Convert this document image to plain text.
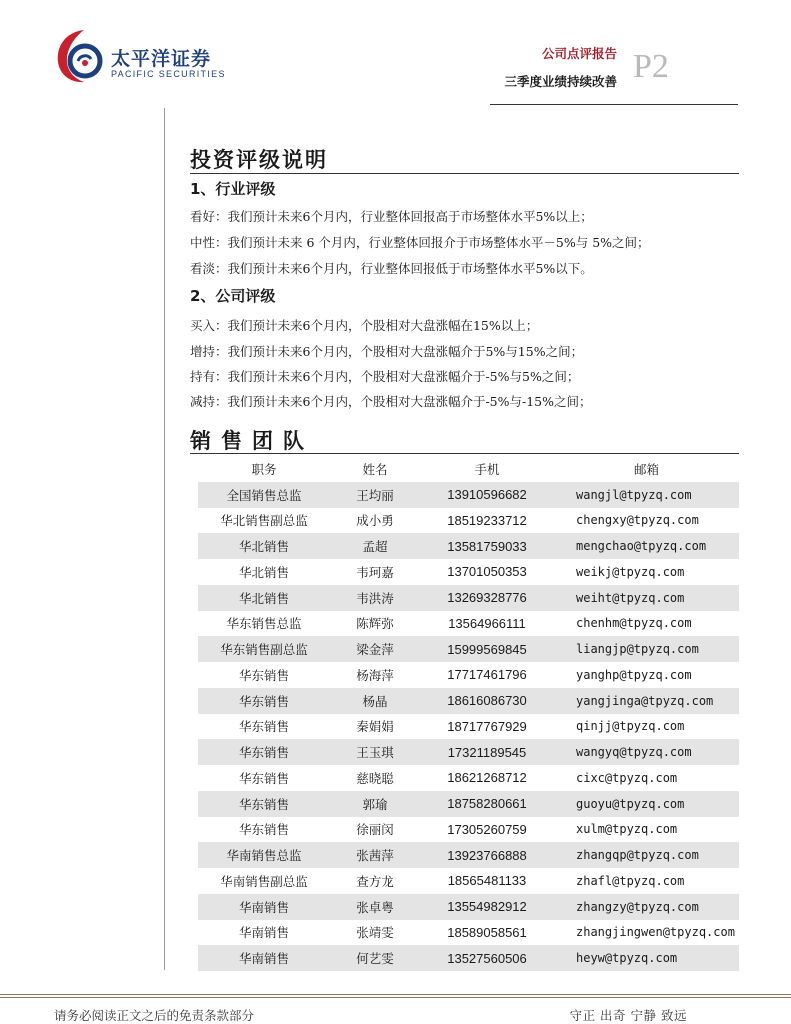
太平洋证券
PACIFIC SECURITIES
公司点评报告
三季度业绩持续改善 P2
投资评级说明
1、行业评级
看好：我们预计未来6个月内，行业整体回报高于市场整体水平5%以上；
中性：我们预计未来 6 个月内，行业整体回报介于市场整体水平－5%与 5%之间；
看淡：我们预计未来6个月内，行业整体回报低于市场整体水平5%以下。
2、公司评级
买入：我们预计未来6个月内，个股相对大盘涨幅在15%以上；
增持：我们预计未来6个月内，个股相对大盘涨幅介于5%与15%之间；
持有：我们预计未来6个月内，个股相对大盘涨幅介于-5%与5%之间；
减持：我们预计未来6个月内，个股相对大盘涨幅介于-5%与-15%之间；
销售团队
职务	姓名	手机	邮箱
全国销售总监	王均丽	13910596682	wangjl@tpyzq.com
华北销售副总监	成小勇	18519233712	chengxy@tpyzq.com
华北销售	孟超	13581759033	mengchao@tpyzq.com
华北销售	韦珂嘉	13701050353	weikj@tpyzq.com
华北销售	韦洪涛	13269328776	weiht@tpyzq.com
华东销售总监	陈辉弥	13564966111	chenhm@tpyzq.com
华东销售副总监	梁金萍	15999569845	liangjp@tpyzq.com
华东销售	杨海萍	17717461796	yanghp@tpyzq.com
华东销售	杨晶	18616086730	yangjinga@tpyzq.com
华东销售	秦娟娟	18717767929	qinjj@tpyzq.com
华东销售	王玉琪	17321189545	wangyq@tpyzq.com
华东销售	慈晓聪	18621268712	cixc@tpyzq.com
华东销售	郭瑜	18758280661	guoyu@tpyzq.com
华东销售	徐丽闵	17305260759	xulm@tpyzq.com
华南销售总监	张茜萍	13923766888	zhangqp@tpyzq.com
华南销售副总监	查方龙	18565481133	zhafl@tpyzq.com
华南销售	张卓粤	13554982912	zhangzy@tpyzq.com
华南销售	张靖雯	18589058561	zhangjingwen@tpyzq.com
华南销售	何艺雯	13527560506	heyw@tpyzq.com
请务必阅读正文之后的免责条款部分	守正 出奇 宁静 致远
